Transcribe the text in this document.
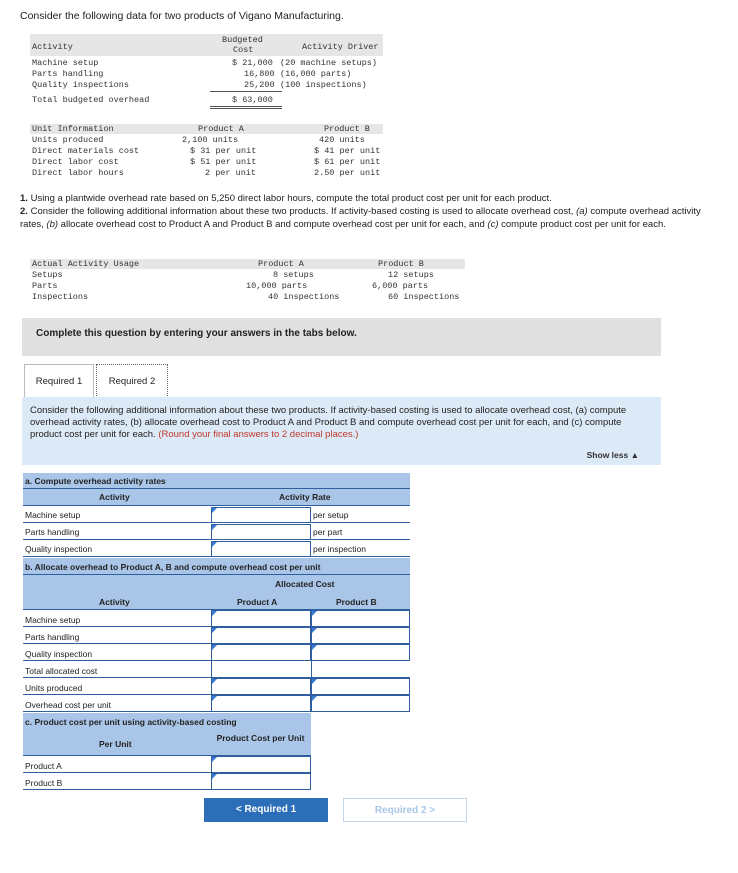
Consider the following data for two products of Vigano Manufacturing.
Activity
Budgeted
Cost	Activity Driver
Machine setup	$ 21,000 (20 machine setups)
Parts handling	16,800 (16,000 parts)
Quality inspections	25,200 (100 inspections)
Total budgeted overhead	$ 63,000
Unit Information	Product A	Product B
Units produced	2,100 units	420 units
Direct materials cost	$ 31 per unit	$ 41 per unit
Direct labor cost	$ 51 per unit	$ 61 per unit
Direct labor hours	2 per unit	2.50 per unit
1. Using a plantwide overhead rate based on 5,250 direct labor hours, compute the total product cost per unit for each product.
2. Consider the following additional information about these two products. If activity-based costing is used to allocate overhead cost, (a) compute overhead activity rates, (b) allocate overhead cost to Product A and Product B and compute overhead cost per unit for each, and (c) compute product cost per unit for each.
Actual Activity Usage	Product A	Product B
Setups	8 setups	12 setups
Parts	10,000 parts	6,000 parts
Inspections	40 inspections	60 inspections
Complete this question by entering your answers in the tabs below.
Required 1	Required 2
Consider the following additional information about these two products. If activity-based costing is used to allocate overhead cost, (a) compute overhead activity rates, (b) allocate overhead cost to Product A and Product B and compute overhead cost per unit for each, and (c) compute product cost per unit for each. (Round your final answers to 2 decimal places.)
Show less ▲
a. Compute overhead activity rates
Activity	Activity Rate
Machine setup	per setup
Parts handling	per part
Quality inspection	per inspection
b. Allocate overhead to Product A, B and compute overhead cost per unit
Allocated Cost
Activity	Product A	Product B
Machine setup
Parts handling
Quality inspection
Total allocated cost
Units produced
Overhead cost per unit
c. Product cost per unit using activity-based costing
Per Unit
Product Cost per Unit
Product A
Product B
< Required 1	Required 2 >
